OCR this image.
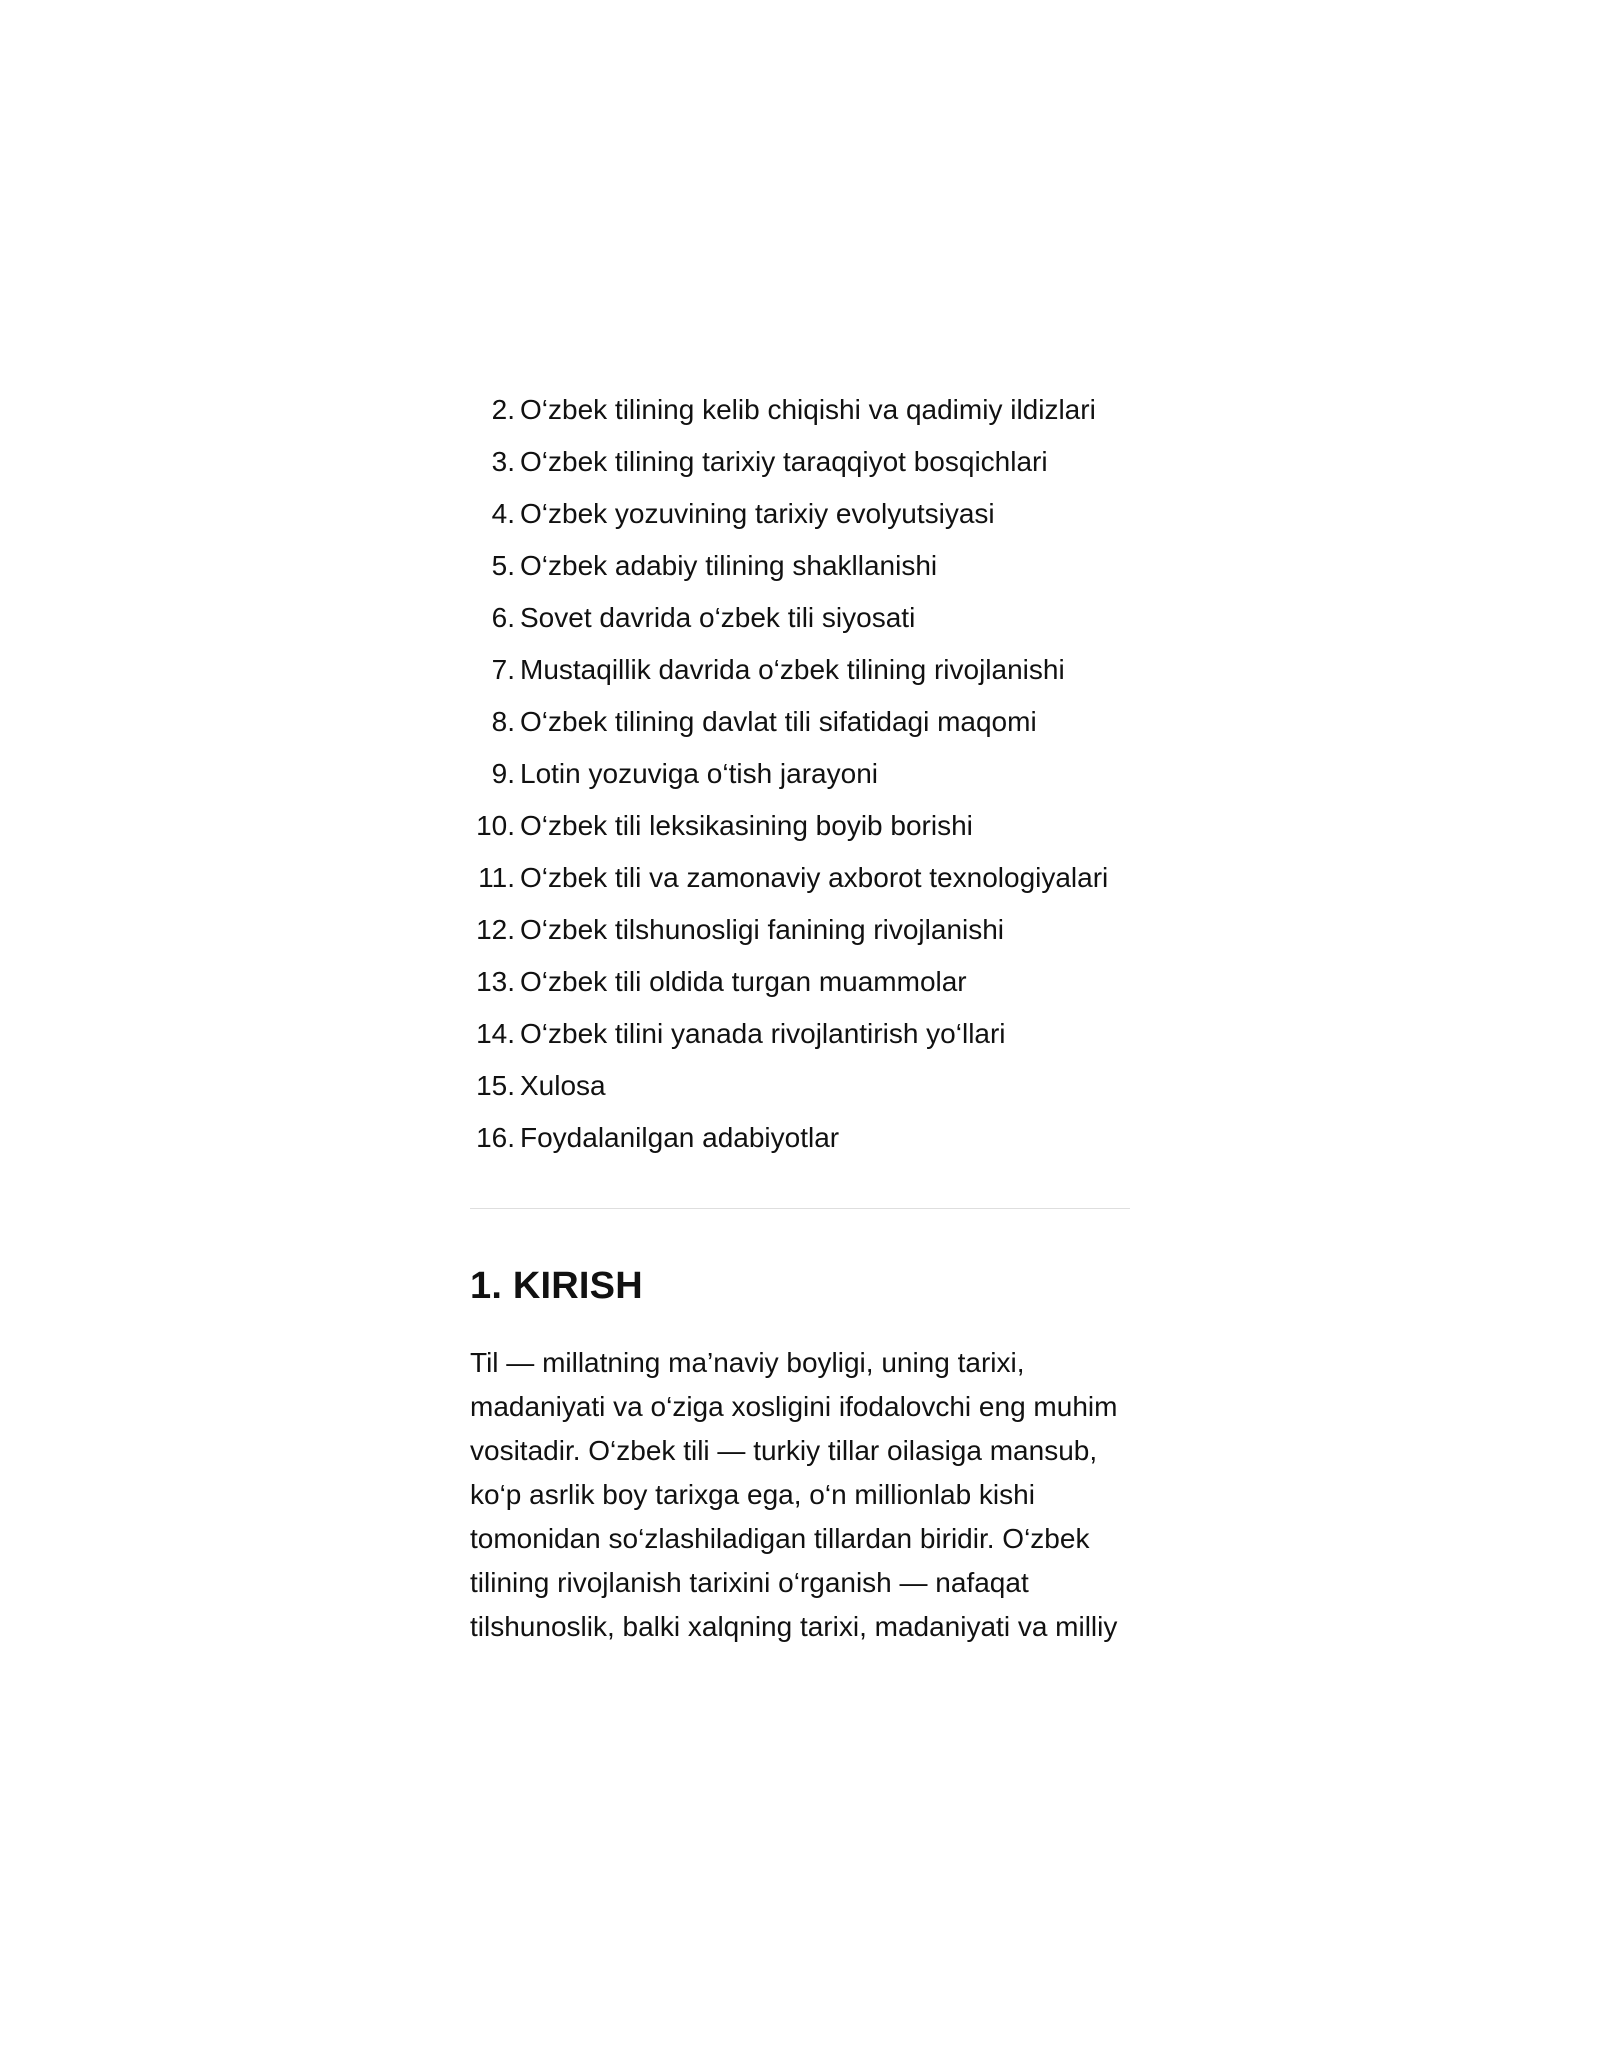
2. O‘zbek tilining kelib chiqishi va qadimiy ildizlari
3. O‘zbek tilining tarixiy taraqqiyot bosqichlari
4. O‘zbek yozuvining tarixiy evolyutsiyasi
5. O‘zbek adabiy tilining shakllanishi
6. Sovet davrida o‘zbek tili siyosati
7. Mustaqillik davrida o‘zbek tilining rivojlanishi
8. O‘zbek tilining davlat tili sifatidagi maqomi
9. Lotin yozuviga o‘tish jarayoni
10. O‘zbek tili leksikasining boyib borishi
11. O‘zbek tili va zamonaviy axborot texnologiyalari
12. O‘zbek tilshunosligi fanining rivojlanishi
13. O‘zbek tili oldida turgan muammolar
14. O‘zbek tilini yanada rivojlantirish yo‘llari
15. Xulosa
16. Foydalanilgan adabiyotlar
1. KIRISH

Til — millatning ma’naviy boyligi, uning tarixi,
madaniyati va o‘ziga xosligini ifodalovchi eng muhim
vositadir. O‘zbek tili — turkiy tillar oilasiga mansub,
ko‘p asrlik boy tarixga ega, o‘n millionlab kishi
tomonidan so‘zlashiladigan tillardan biridir. O‘zbek
tilining rivojlanish tarixini o‘rganish — nafaqat
tilshunoslik, balki xalqning tarixi, madaniyati va milliy
